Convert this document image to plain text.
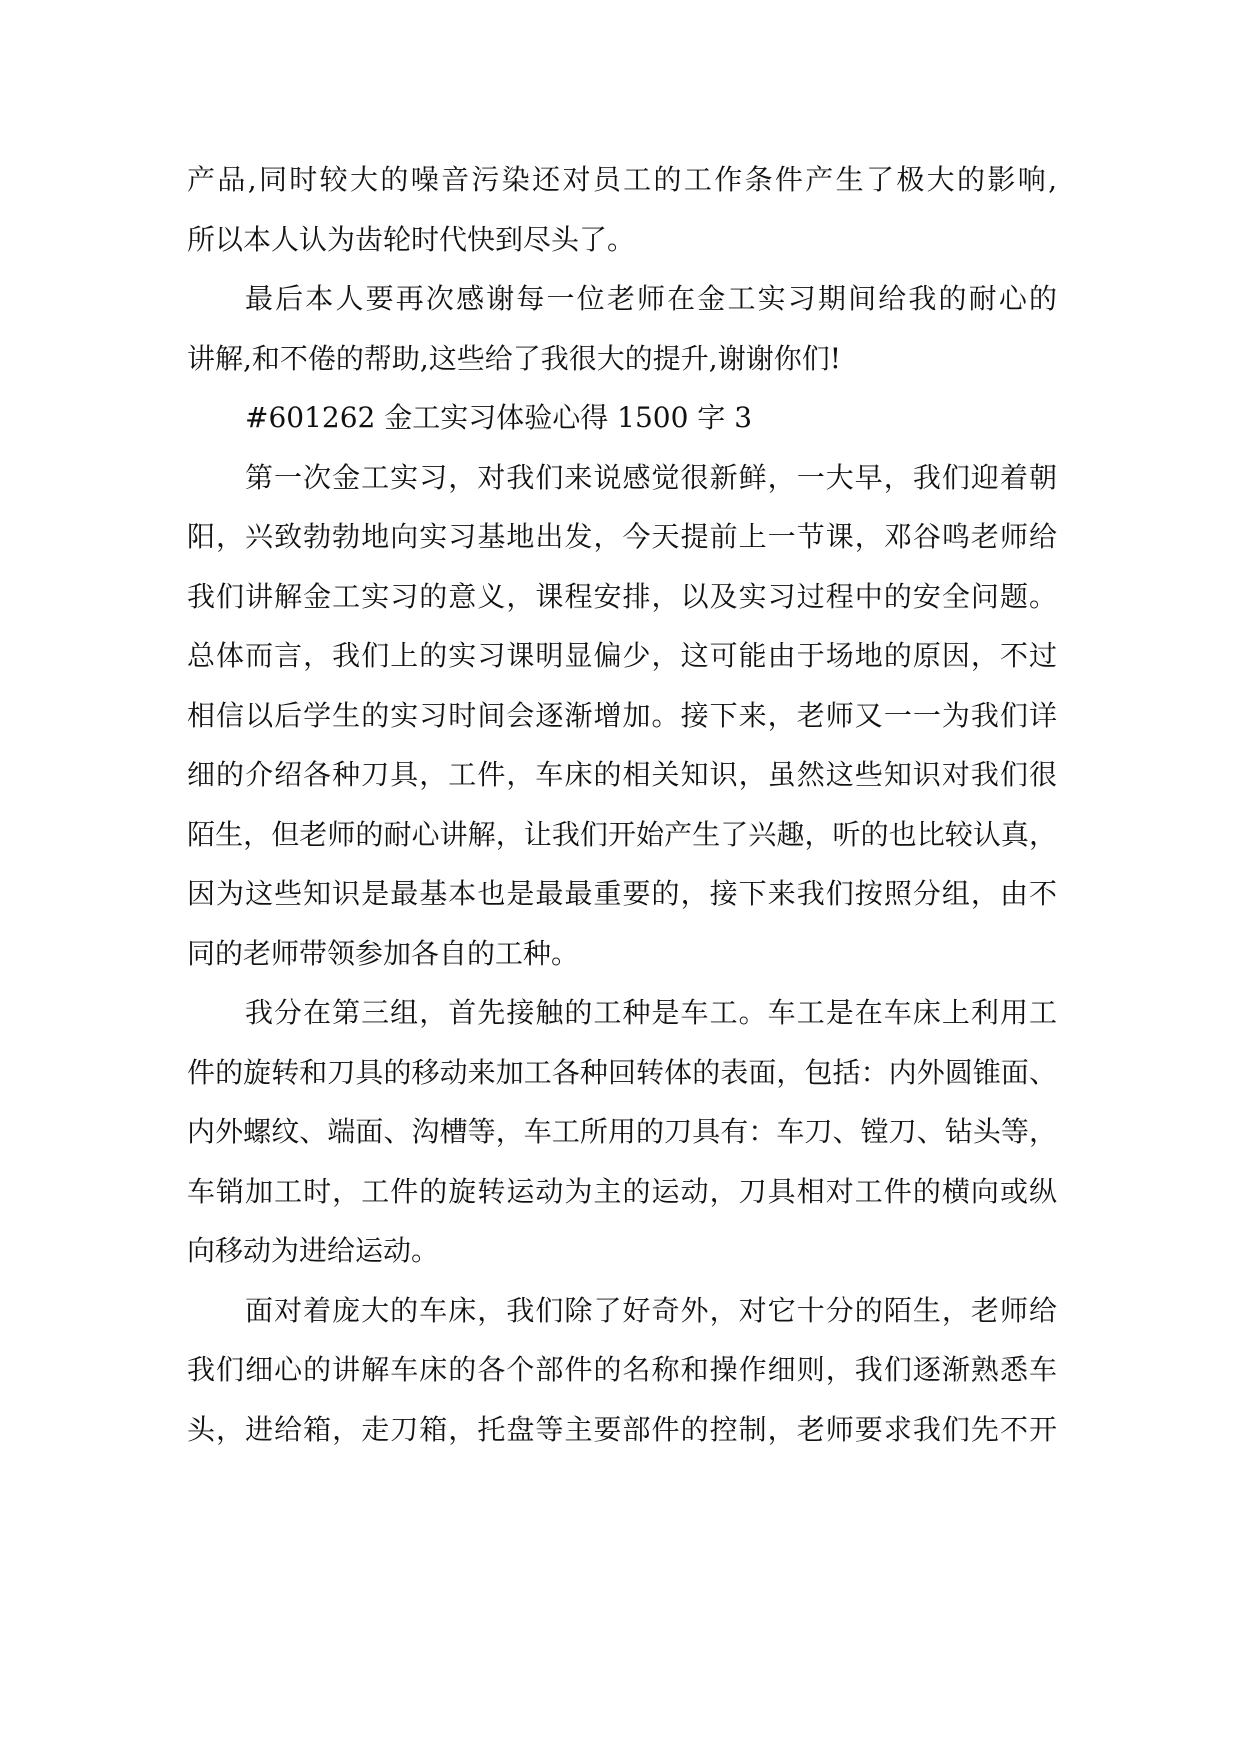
产品,同时较大的噪音污染还对员工的工作条件产生了极大的影响,
所以本人认为齿轮时代快到尽头了。
最后本人要再次感谢每一位老师在金工实习期间给我的耐心的
讲解,和不倦的帮助,这些给了我很大的提升,谢谢你们!
#601262 金工实习体验心得 1500 字 3
第一次金工实习，对我们来说感觉很新鲜，一大早，我们迎着朝
阳，兴致勃勃地向实习基地出发，今天提前上一节课，邓谷鸣老师给
我们讲解金工实习的意义，课程安排，以及实习过程中的安全问题。
总体而言，我们上的实习课明显偏少，这可能由于场地的原因，不过
相信以后学生的实习时间会逐渐增加。接下来，老师又一一为我们详
细的介绍各种刀具，工件，车床的相关知识，虽然这些知识对我们很
陌生，但老师的耐心讲解，让我们开始产生了兴趣，听的也比较认真，
因为这些知识是最基本也是最最重要的，接下来我们按照分组，由不
同的老师带领参加各自的工种。
我分在第三组，首先接触的工种是车工。车工是在车床上利用工
件的旋转和刀具的移动来加工各种回转体的表面，包括：内外圆锥面、
内外螺纹、端面、沟槽等，车工所用的刀具有：车刀、镗刀、钻头等，
车销加工时，工件的旋转运动为主的运动，刀具相对工件的横向或纵
向移动为进给运动。
面对着庞大的车床，我们除了好奇外，对它十分的陌生，老师给
我们细心的讲解车床的各个部件的名称和操作细则，我们逐渐熟悉车
头，进给箱，走刀箱，托盘等主要部件的控制，老师要求我们先不开
